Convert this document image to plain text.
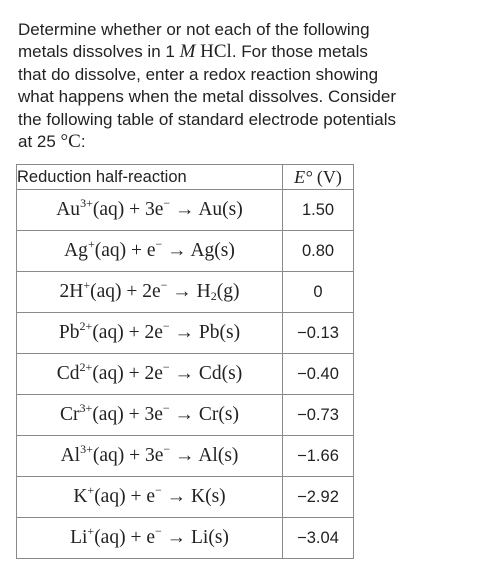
Determine whether or not each of the following
metals dissolves in 1 M HCl. For those metals
that do dissolve, enter a redox reaction showing
what happens when the metal dissolves. Consider
the following table of standard electrode potentials
at 25 °C:
Reduction half-reaction	E° (V)
$Au^{3+}(aq) + 3e^- \to Au(s)$	1.50
Ag+(aq) + e− → Ag(s)	0.80
$2H^+(aq) + 2e^- \to H_2(g)$	0
$Pb^{2+}(aq) + 2e^- \to Pb(s)$	−0.13
$Cd^{2+}(aq) + 2e^- \to Cd(s)$	−0.40
$Cr^{3+}(aq) + 3e^- \to Cr(s)$	−0.73
$Al^{3+}(aq) + 3e^- \to Al(s)$	−1.66
K+(aq) + e− → K(s)	−2.92
Li+(aq) + e− → Li(s)	−3.04
